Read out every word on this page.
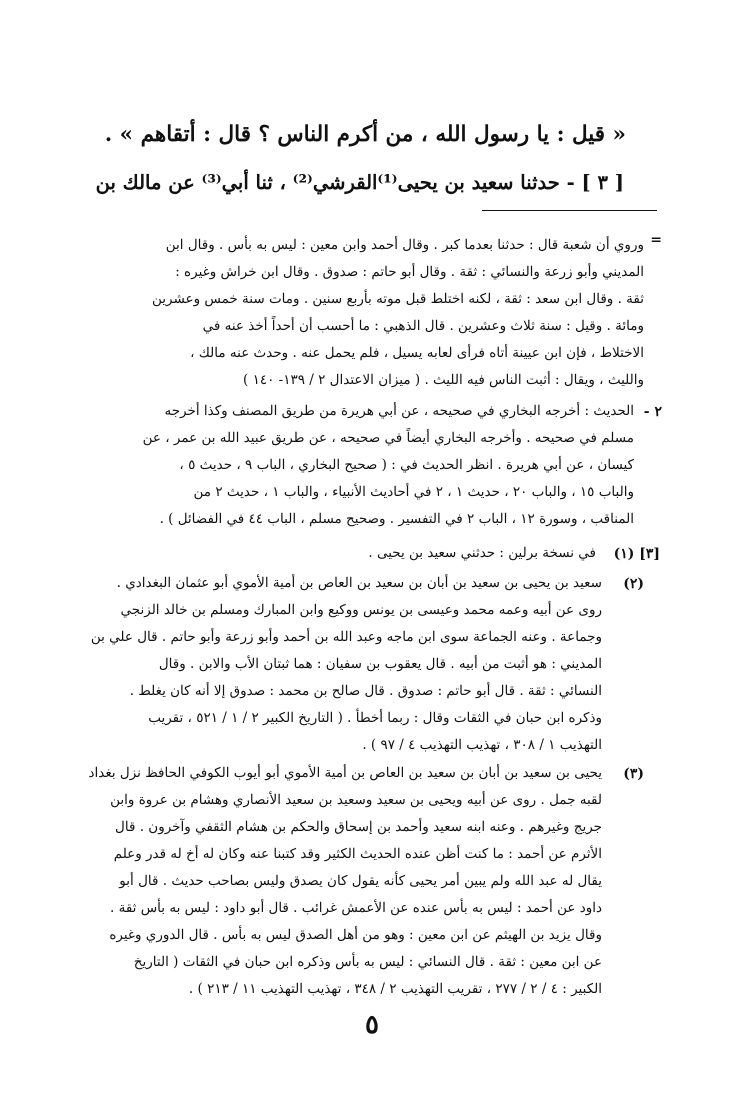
« قيل : يا رسول الله ، من أكرم الناس ؟ قال : أتقاهم » .
[ ٣ ] - حدثنا سعيد بن يحيى⁽¹⁾القرشي⁽²⁾ ، ثنا أبي⁽³⁾ عن مالك بن
=
وروي أن شعبة قال : حدثنا بعدما كبر . وقال أحمد وابن معين : ليس به بأس . وقال ابن
المديني وأبو زرعة والنسائي : ثقة . وقال أبو حاتم : صدوق . وقال ابن خراش وغيره :
ثقة . وقال ابن سعد : ثقة ، لكنه اختلط قبل موته بأربع سنين . ومات سنة خمس وعشرين
ومائة . وقيل : سنة ثلاث وعشرين . قال الذهبي : ما أحسب أن أحداً أخذ عنه في
الاختلاط ، فإن ابن عيينة أتاه فرأى لعابه يسيل ، فلم يحمل عنه . وحدث عنه مالك ،
والليث ، ويقال : أثبت الناس فيه الليث . ( ميزان الاعتدال ٢ / ١٣٩- ١٤٠ )
٢ -
الحديث : أخرجه البخاري في صحيحه ، عن أبي هريرة من طريق المصنف وكذا أخرجه
مسلم في صحيحه . وأخرجه البخاري أيضاً في صحيحه ، عن طريق عبيد الله بن عمر ، عن
كيسان ، عن أبي هريرة . انظر الحديث في : ( صحيح البخاري ، الباب ٩ ، حديث ٥ ،
والباب ١٥ ، والباب ٢٠ ، حديث ١ ، ٢ في أحاديث الأنبياء ، والباب ١ ، حديث ٢ من
المناقب ، وسورة ١٢ ، الباب ٢ في التفسير . وصحيح مسلم ، الباب ٤٤ في الفضائل ) .
[٣] (١)
في نسخة برلين : حدثني سعيد بن يحيى .
(٢)
سعيد بن يحيى بن سعيد بن أبان بن سعيد بن العاص بن أمية الأموي أبو عثمان البغدادي .
روى عن أبيه وعمه محمد وعيسى بن يونس ووكيع وابن المبارك ومسلم بن خالد الزنجي
وجماعة . وعنه الجماعة سوى ابن ماجه وعبد الله بن أحمد وأبو زرعة وأبو حاتم . قال علي بن
المديني : هو أثبت من أبيه . قال يعقوب بن سفيان : هما ثبتان الأب والابن . وقال
النسائي : ثقة . قال أبو حاتم : صدوق . قال صالح بن محمد : صدوق إلا أنه كان يغلط .
وذكره ابن حبان في الثقات وقال : ربما أخطأ . ( التاريخ الكبير ٢ / ١ / ٥٢١ ، تقريب
التهذيب ١ / ٣٠٨ ، تهذيب التهذيب ٤ / ٩٧ ) .
(٣)
يحيى بن سعيد بن أبان بن سعيد بن العاص بن أمية الأموي أبو أيوب الكوفي الحافظ نزل بغداد
لقبه جمل . روى عن أبيه ويحيى بن سعيد وسعيد بن سعيد الأنصاري وهشام بن عروة وابن
جريج وغيرهم . وعنه ابنه سعيد وأحمد بن إسحاق والحكم بن هشام الثقفي وآخرون . قال
الأثرم عن أحمد : ما كنت أظن عنده الحديث الكثير وقد كتبنا عنه وكان له أخ له قدر وعلم
يقال له عبد الله ولم يبين أمر يحيى كأنه يقول كان يصدق وليس بصاحب حديث . قال أبو
داود عن أحمد : ليس به بأس عنده عن الأعمش غرائب . قال أبو داود : ليس به بأس ثقة .
وقال يزيد بن الهيثم عن ابن معين : وهو من أهل الصدق ليس به بأس . قال الدوري وغيره
عن ابن معين : ثقة . قال النسائي : ليس به بأس وذكره ابن حبان في الثقات ( التاريخ
الكبير : ٤ / ٢ / ٢٧٧ ، تقريب التهذيب ٢ / ٣٤٨ ، تهذيب التهذيب ١١ / ٢١٣ ) .
٥
